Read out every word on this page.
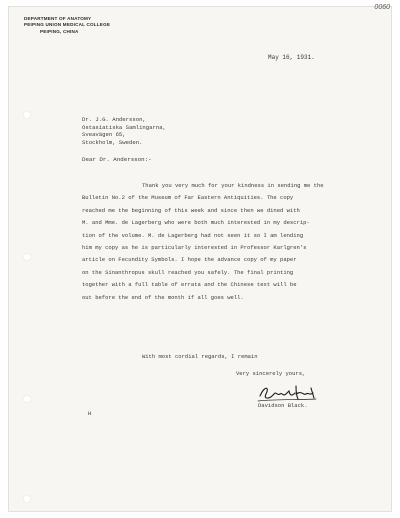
0060
DEPARTMENT OF ANATOMY
PEIPING UNION MEDICAL COLLEGE
PEIPING, CHINA
May 16, 1931.
Dr. J.G. Andersson,
Ostasiatiska Samlingarna,
Sveavägen 65,
Stockholm, Sweden.
Dear Dr. Andersson:-
Thank you very much for your kindness in sending me the
Bulletin No.2 of the Museum of Far Eastern Antiquities. The copy
reached me the beginning of this week and since then we dined with
M. and Mme. de Lagerberg who were both much interested in my descrip-
tion of the volume. M. de Lagerberg had not seen it so I am lending
him my copy as he is particularly interested in Professor Karlgren's
article on Fecundity Symbols. I hope the advance copy of my paper
on the Sinanthropus skull reached you safely. The final printing
together with a full table of errata and the Chinese text will be
out before the end of the month if all goes well.
With most cordial regards, I remain
Very sincerely yours,
Davidson Black.
H
